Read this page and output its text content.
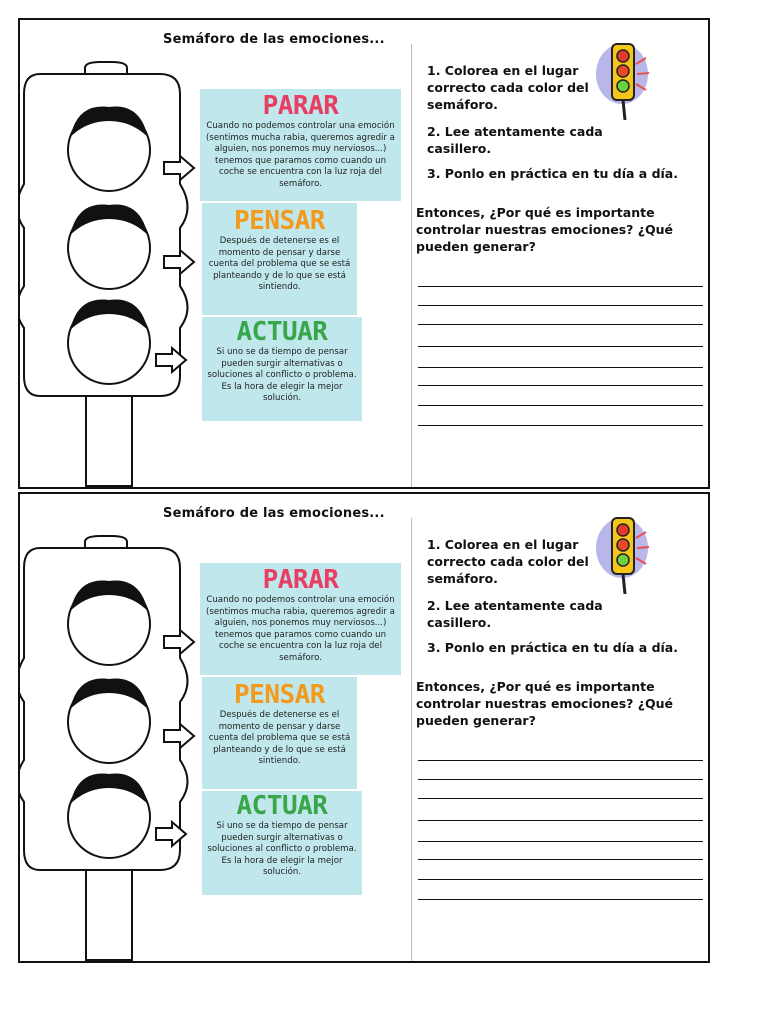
Semáforo de las emociones...
PARAR
Cuando no podemos controlar una emoción (sentimos mucha rabia, queremos agredir a alguien, nos ponemos muy nerviosos...) tenemos que paramos como cuando un coche se encuentra con la luz roja del semáforo.
PENSAR
Después de detenerse es el momento de pensar y darse cuenta del problema que se está planteando y de lo que se está sintiendo.
ACTUAR
Si uno se da tiempo de pensar pueden surgir alternativas o soluciones al conflicto o problema. Es la hora de elegir la mejor solución.
1. Colorea en el lugar correcto cada color del semáforo.
2. Lee atentamente cada casillero.
3. Ponlo en práctica en tu día a día.
Entonces, ¿Por qué es importante controlar nuestras emociones? ¿Qué pueden generar?
Semáforo de las emociones...
PARAR
Cuando no podemos controlar una emoción (sentimos mucha rabia, queremos agredir a alguien, nos ponemos muy nerviosos...) tenemos que paramos como cuando un coche se encuentra con la luz roja del semáforo.
PENSAR
Después de detenerse es el momento de pensar y darse cuenta del problema que se está planteando y de lo que se está sintiendo.
ACTUAR
Si uno se da tiempo de pensar pueden surgir alternativas o soluciones al conflicto o problema. Es la hora de elegir la mejor solución.
1. Colorea en el lugar correcto cada color del semáforo.
2. Lee atentamente cada casillero.
3. Ponlo en práctica en tu día a día.
Entonces, ¿Por qué es importante controlar nuestras emociones? ¿Qué pueden generar?
